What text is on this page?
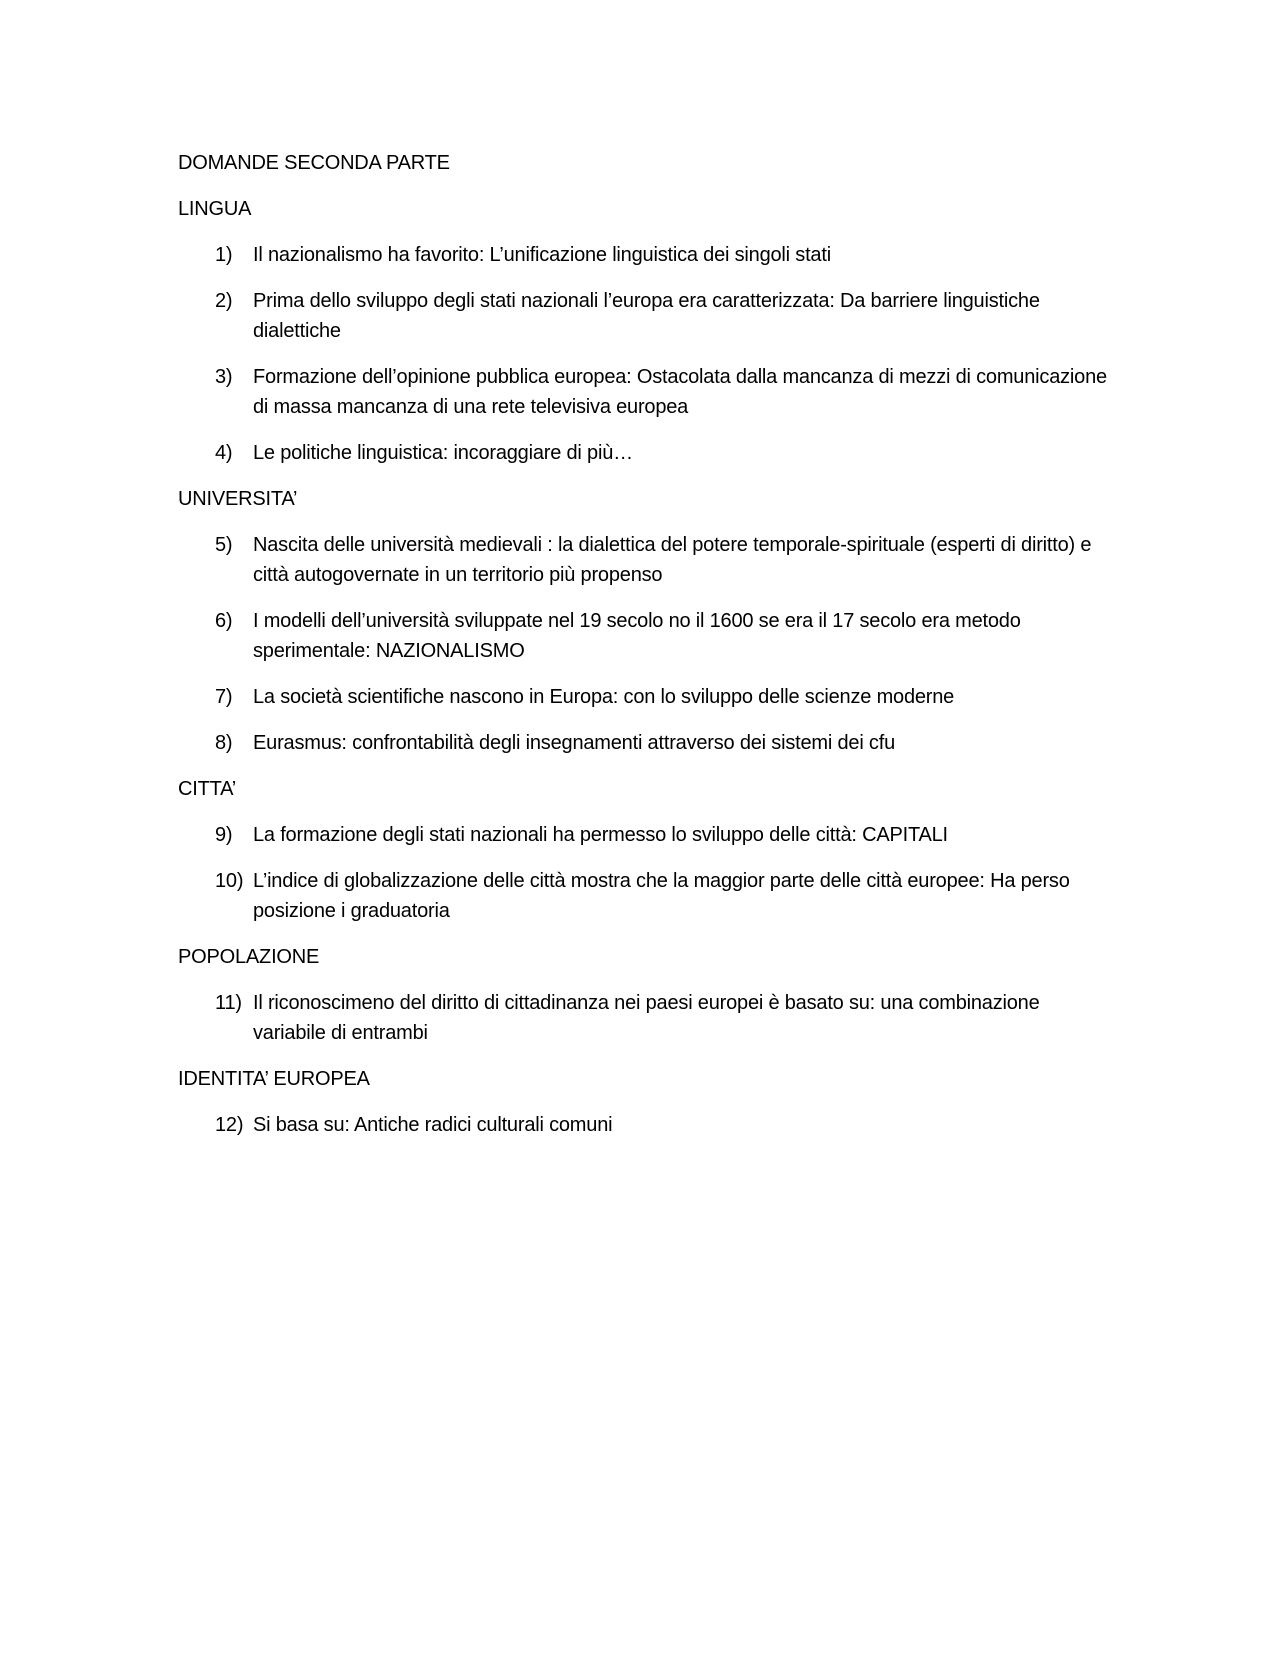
DOMANDE SECONDA PARTE
LINGUA
1) Il nazionalismo ha favorito: L’unificazione linguistica dei singoli stati
2) Prima dello sviluppo degli stati nazionali l’europa era caratterizzata: Da barriere linguistiche dialettiche
3) Formazione dell’opinione pubblica europea: Ostacolata dalla mancanza di mezzi di comunicazione di massa mancanza di una rete televisiva europea
4) Le politiche linguistica: incoraggiare di più…
UNIVERSITA’
5) Nascita delle università medievali : la dialettica del potere temporale-spirituale (esperti di diritto) e città autogovernate in un territorio più propenso
6) I modelli dell’università sviluppate nel 19 secolo no il 1600 se era il 17 secolo era metodo sperimentale: NAZIONALISMO
7) La società scientifiche nascono in Europa: con lo sviluppo delle scienze moderne
8) Eurasmus: confrontabilità degli insegnamenti attraverso dei sistemi dei cfu
CITTA’
9) La formazione degli stati nazionali ha permesso lo sviluppo delle città: CAPITALI
10) L’indice di globalizzazione delle città mostra che la maggior parte delle città europee: Ha perso posizione i graduatoria
POPOLAZIONE
11) Il riconoscimeno del diritto di cittadinanza nei paesi europei è basato su: una combinazione variabile di entrambi
IDENTITA’ EUROPEA
12) Si basa su: Antiche radici culturali comuni
